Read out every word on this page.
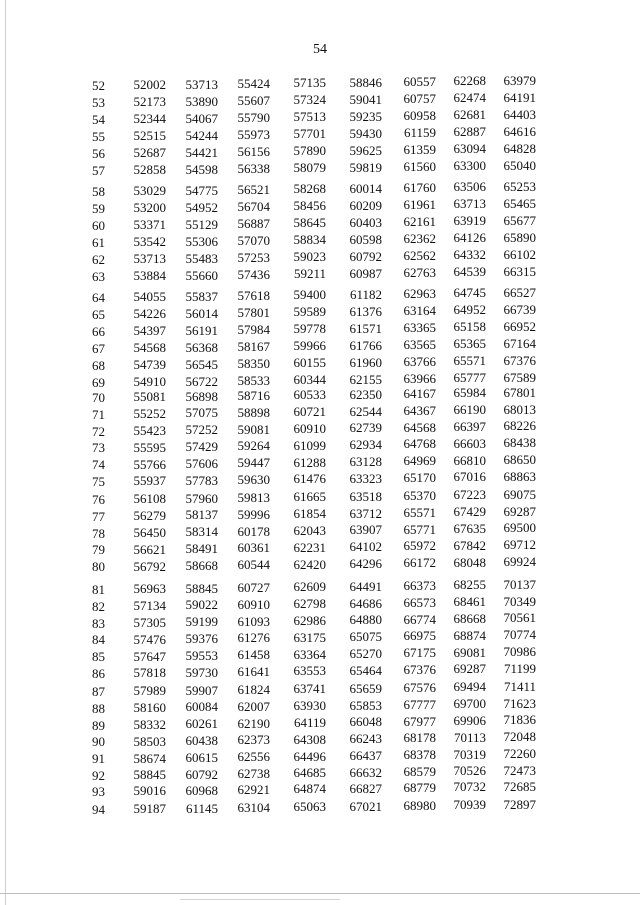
54
52 52002 53713 55424 57135 58846 60557 62268 63979
53 52173 53890 55607 57324 59041 60757 62474 64191
54 52344 54067 55790 57513 59235 60958 62681 64403
55 52515 54244 55973 57701 59430 61159 62887 64616
56 52687 54421 56156 57890 59625 61359 63094 64828
57 52858 54598 56338 58079 59819 61560 63300 65040
58 53029 54775 56521 58268 60014 61760 63506 65253
59 53200 54952 56704 58456 60209 61961 63713 65465
60 53371 55129 56887 58645 60403 62161 63919 65677
61 53542 55306 57070 58834 60598 62362 64126 65890
62 53713 55483 57253 59023 60792 62562 64332 66102
63 53884 55660 57436 59211 60987 62763 64539 66315
64 54055 55837 57618 59400 61182 62963 64745 66527
65 54226 56014 57801 59589 61376 63164 64952 66739
66 54397 56191 57984 59778 61571 63365 65158 66952
67 54568 56368 58167 59966 61766 63565 65365 67164
68 54739 56545 58350 60155 61960 63766 65571 67376
69 54910 56722 58533 60344 62155 63966 65777 67589
70 55081 56898 58716 60533 62350 64167 65984 67801
71 55252 57075 58898 60721 62544 64367 66190 68013
72 55423 57252 59081 60910 62739 64568 66397 68226
73 55595 57429 59264 61099 62934 64768 66603 68438
74 55766 57606 59447 61288 63128 64969 66810 68650
75 55937 57783 59630 61476 63323 65170 67016 68863
76 56108 57960 59813 61665 63518 65370 67223 69075
77 56279 58137 59996 61854 63712 65571 67429 69287
78 56450 58314 60178 62043 63907 65771 67635 69500
79 56621 58491 60361 62231 64102 65972 67842 69712
80 56792 58668 60544 62420 64296 66172 68048 69924
81 56963 58845 60727 62609 64491 66373 68255 70137
82 57134 59022 60910 62798 64686 66573 68461 70349
83 57305 59199 61093 62986 64880 66774 68668 70561
84 57476 59376 61276 63175 65075 66975 68874 70774
85 57647 59553 61458 63364 65270 67175 69081 70986
86 57818 59730 61641 63553 65464 67376 69287 71199
87 57989 59907 61824 63741 65659 67576 69494 71411
88 58160 60084 62007 63930 65853 67777 69700 71623
89 58332 60261 62190 64119 66048 67977 69906 71836
90 58503 60438 62373 64308 66243 68178 70113 72048
91 58674 60615 62556 64496 66437 68378 70319 72260
92 58845 60792 62738 64685 66632 68579 70526 72473
93 59016 60968 62921 64874 66827 68779 70732 72685
94 59187 61145 63104 65063 67021 68980 70939 72897
